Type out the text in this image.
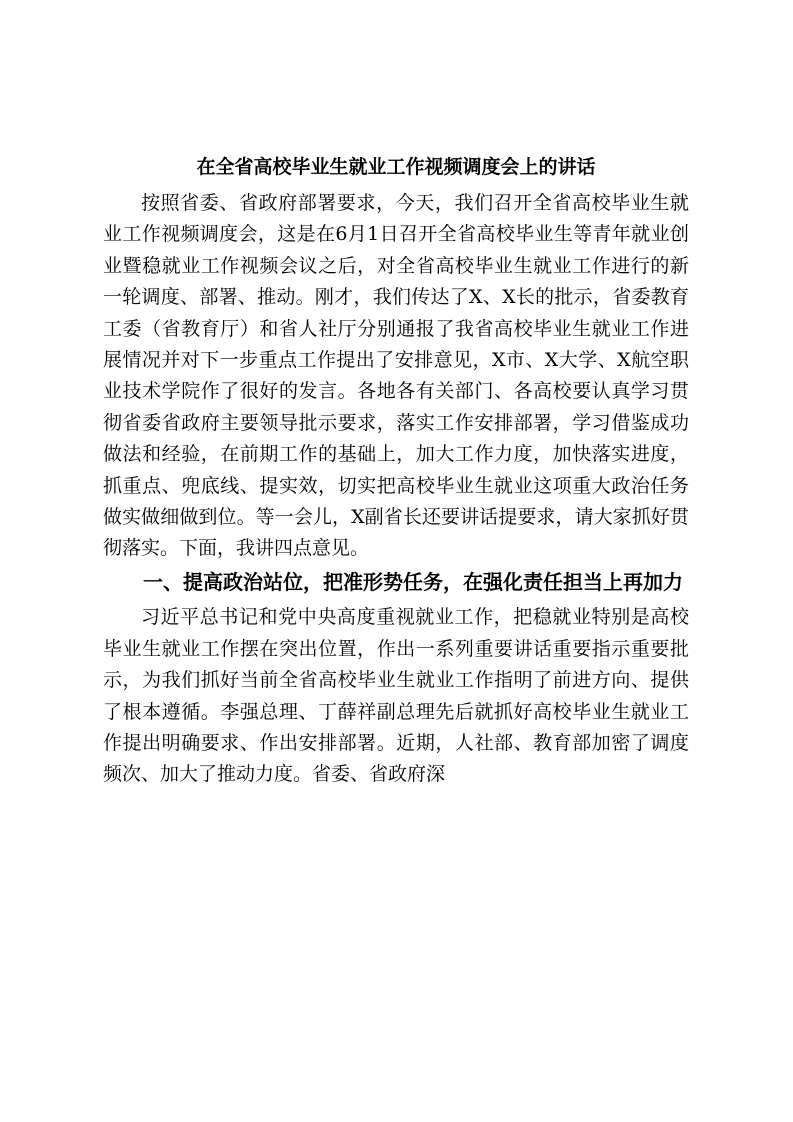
在全省高校毕业生就业工作视频调度会上的讲话

按照省委、省政府部署要求，今天，我们召开全省高校毕业生就业工作视频调度会，这是在6月1日召开全省高校毕业生等青年就业创业暨稳就业工作视频会议之后，对全省高校毕业生就业工作进行的新一轮调度、部署、推动。刚才，我们传达了X、X长的批示，省委教育工委（省教育厅）和省人社厅分别通报了我省高校毕业生就业工作进展情况并对下一步重点工作提出了安排意见，X市、X大学、X航空职业技术学院作了很好的发言。各地各有关部门、各高校要认真学习贯彻省委省政府主要领导批示要求，落实工作安排部署，学习借鉴成功做法和经验，在前期工作的基础上，加大工作力度，加快落实进度，抓重点、兜底线、提实效，切实把高校毕业生就业这项重大政治任务做实做细做到位。等一会儿，X副省长还要讲话提要求，请大家抓好贯彻落实。下面，我讲四点意见。

一、提高政治站位，把准形势任务，在强化责任担当上再加力

习近平总书记和党中央高度重视就业工作，把稳就业特别是高校毕业生就业工作摆在突出位置，作出一系列重要讲话重要指示重要批示，为我们抓好当前全省高校毕业生就业工作指明了前进方向、提供了根本遵循。李强总理、丁薛祥副总理先后就抓好高校毕业生就业工作提出明确要求、作出安排部署。近期，人社部、教育部加密了调度频次、加大了推动力度。省委、省政府深
